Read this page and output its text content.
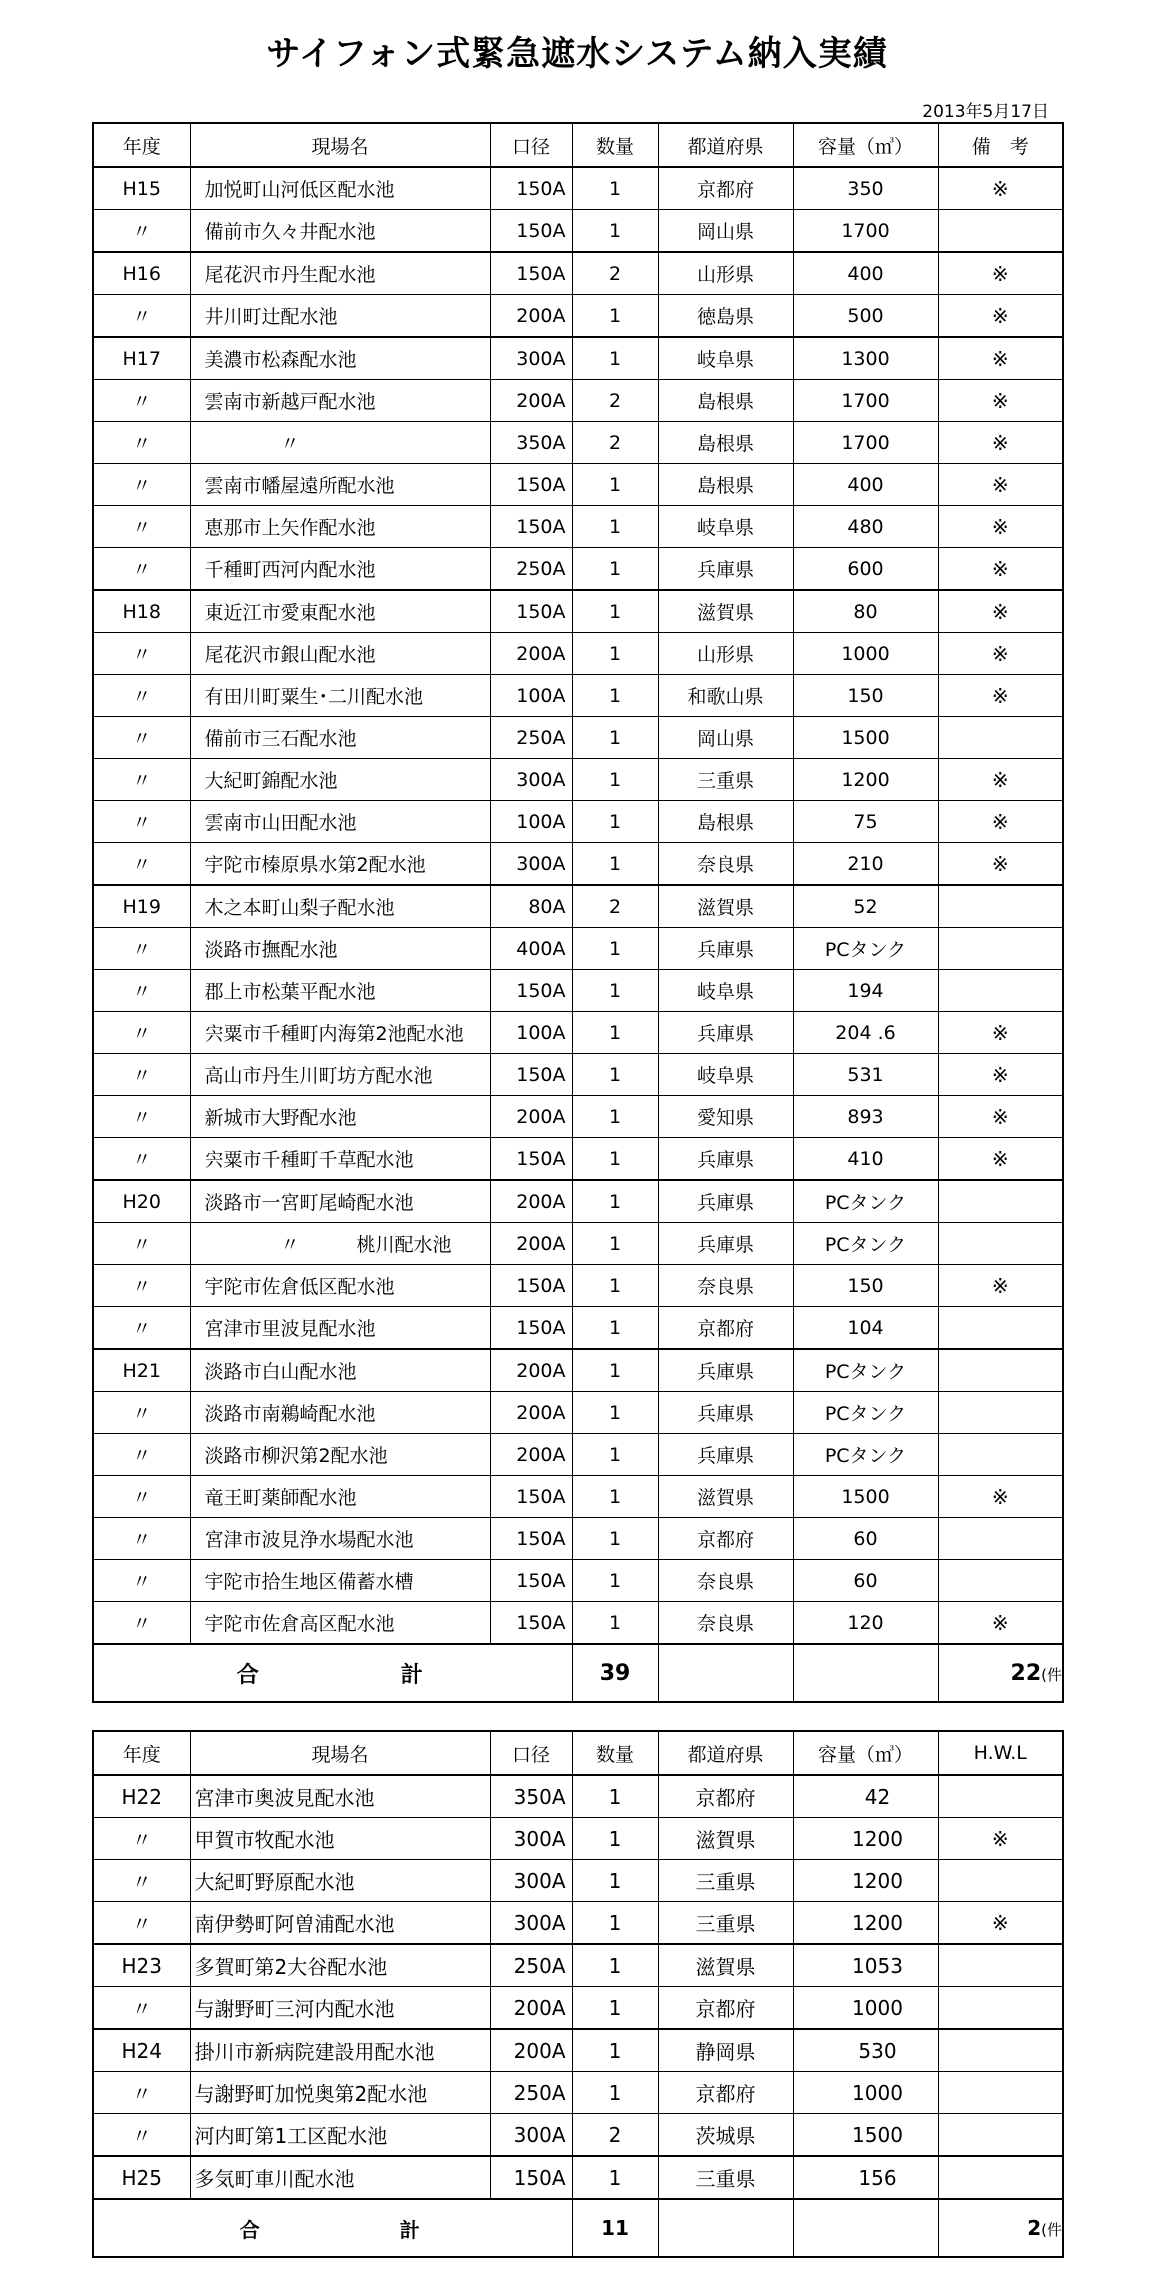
サイフォン式緊急遮水システム納入実績
2013年5月17日
年度	現場名	口径	数量	都道府県	容量（㎥）	備　考
H15	加悦町山河低区配水池	150A	1	京都府	350	※
〃	備前市久々井配水池	150A	1	岡山県	1700	
H16	尾花沢市丹生配水池	150A	2	山形県	400	※
〃	井川町辻配水池	200A	1	徳島県	500	※
H17	美濃市松森配水池	300A	1	岐阜県	1300	※
〃	雲南市新越戸配水池	200A	2	島根県	1700	※
〃	　　　　〃	350A	2	島根県	1700	※
〃	雲南市幡屋遠所配水池	150A	1	島根県	400	※
〃	恵那市上矢作配水池	150A	1	岐阜県	480	※
〃	千種町西河内配水池	250A	1	兵庫県	600	※
H18	東近江市愛東配水池	150A	1	滋賀県	80	※
〃	尾花沢市銀山配水池	200A	1	山形県	1000	※
〃	有田川町粟生･二川配水池	100A	1	和歌山県	150	※
〃	備前市三石配水池	250A	1	岡山県	1500	
〃	大紀町錦配水池	300A	1	三重県	1200	※
〃	雲南市山田配水池	100A	1	島根県	75	※
〃	宇陀市榛原県水第2配水池	300A	1	奈良県	210	※
H19	木之本町山梨子配水池	80A	2	滋賀県	52	
〃	淡路市撫配水池	400A	1	兵庫県	PCタンク	
〃	郡上市松葉平配水池	150A	1	岐阜県	194	
〃	宍粟市千種町内海第2池配水池	100A	1	兵庫県	204 .6	※
〃	高山市丹生川町坊方配水池	150A	1	岐阜県	531	※
〃	新城市大野配水池	200A	1	愛知県	893	※
〃	宍粟市千種町千草配水池	150A	1	兵庫県	410	※
H20	淡路市一宮町尾崎配水池	200A	1	兵庫県	PCタンク	
〃	　　　　〃　　　桃川配水池	200A	1	兵庫県	PCタンク	
〃	宇陀市佐倉低区配水池	150A	1	奈良県	150	※
〃	宮津市里波見配水池	150A	1	京都府	104	
H21	淡路市白山配水池	200A	1	兵庫県	PCタンク	
〃	淡路市南鵜崎配水池	200A	1	兵庫県	PCタンク	
〃	淡路市柳沢第2配水池	200A	1	兵庫県	PCタンク	
〃	竜王町薬師配水池	150A	1	滋賀県	1500	※
〃	宮津市波見浄水場配水池	150A	1	京都府	60	
〃	宇陀市拾生地区備蓄水槽	150A	1	奈良県	60	
〃	宇陀市佐倉高区配水池	150A	1	奈良県	120	※
合　計			39			22(件
年度	現場名	口径	数量	都道府県	容量（㎥）	H.W.L
H22	宮津市奥波見配水池	350A	1	京都府	42	
〃	甲賀市牧配水池	300A	1	滋賀県	1200	※
〃	大紀町野原配水池	300A	1	三重県	1200	
〃	南伊勢町阿曽浦配水池	300A	1	三重県	1200	※
H23	多賀町第2大谷配水池	250A	1	滋賀県	1053	
〃	与謝野町三河内配水池	200A	1	京都府	1000	
H24	掛川市新病院建設用配水池	200A	1	静岡県	530	
〃	与謝野町加悦奥第2配水池	250A	1	京都府	1000	
〃	河内町第1工区配水池	300A	2	茨城県	1500	
H25	多気町車川配水池	150A	1	三重県	156	
合　計			11			2(件
